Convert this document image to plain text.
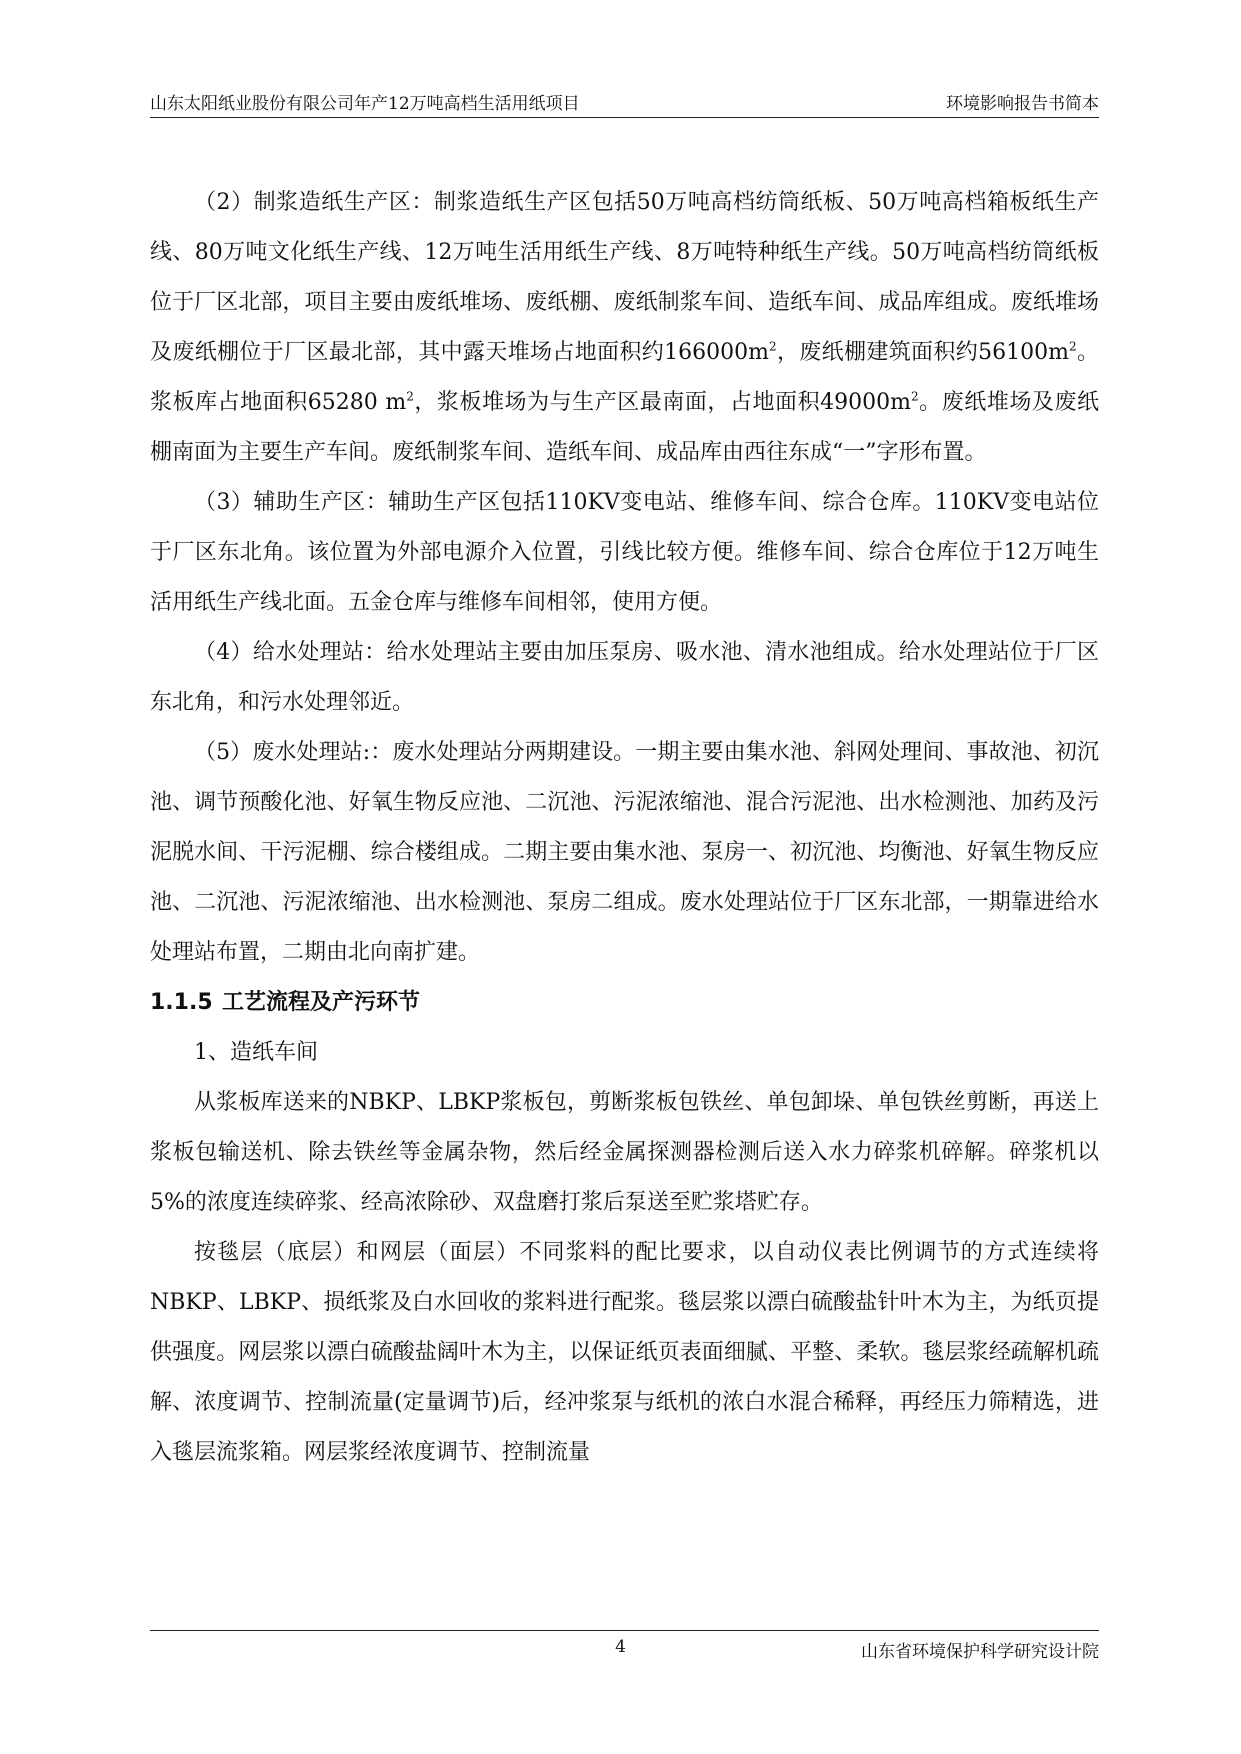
山东太阳纸业股份有限公司年产12万吨高档生活用纸项目	环境影响报告书简本

（2）制浆造纸生产区：制浆造纸生产区包括50万吨高档纺筒纸板、50万吨高档箱板纸生产线、80万吨文化纸生产线、12万吨生活用纸生产线、8万吨特种纸生产线。50万吨高档纺筒纸板位于厂区北部，项目主要由废纸堆场、废纸棚、废纸制浆车间、造纸车间、成品库组成。废纸堆场及废纸棚位于厂区最北部，其中露天堆场占地面积约$166000m^2$，废纸棚建筑面积约$56100m^2$。浆板库占地面积65280 $m^2$，浆板堆场为与生产区最南面，占地面积$49000m^2$。废纸堆场及废纸棚南面为主要生产车间。废纸制浆车间、造纸车间、成品库由西往东成“一”字形布置。

（3）辅助生产区：辅助生产区包括110KV变电站、维修车间、综合仓库。110KV变电站位于厂区东北角。该位置为外部电源介入位置，引线比较方便。维修车间、综合仓库位于12万吨生活用纸生产线北面。五金仓库与维修车间相邻，使用方便。

（4）给水处理站：给水处理站主要由加压泵房、吸水池、清水池组成。给水处理站位于厂区东北角，和污水处理邻近。

（5）废水处理站:：废水处理站分两期建设。一期主要由集水池、斜网处理间、事故池、初沉池、调节预酸化池、好氧生物反应池、二沉池、污泥浓缩池、混合污泥池、出水检测池、加药及污泥脱水间、干污泥棚、综合楼组成。二期主要由集水池、泵房一、初沉池、均衡池、好氧生物反应池、二沉池、污泥浓缩池、出水检测池、泵房二组成。废水处理站位于厂区东北部，一期靠进给水处理站布置，二期由北向南扩建。

1.1.5 工艺流程及产污环节

1、造纸车间

从浆板库送来的NBKP、LBKP浆板包，剪断浆板包铁丝、单包卸垛、单包铁丝剪断，再送上浆板包输送机、除去铁丝等金属杂物，然后经金属探测器检测后送入水力碎浆机碎解。碎浆机以5%的浓度连续碎浆、经高浓除砂、双盘磨打浆后泵送至贮浆塔贮存。

按毯层（底层）和网层（面层）不同浆料的配比要求，以自动仪表比例调节的方式连续将NBKP、LBKP、损纸浆及白水回收的浆料进行配浆。毯层浆以漂白硫酸盐针叶木为主，为纸页提供强度。网层浆以漂白硫酸盐阔叶木为主，以保证纸页表面细腻、平整、柔软。毯层浆经疏解机疏解、浓度调节、控制流量(定量调节)后，经冲浆泵与纸机的浓白水混合稀释，再经压力筛精选，进入毯层流浆箱。网层浆经浓度调节、控制流量

4	山东省环境保护科学研究设计院
